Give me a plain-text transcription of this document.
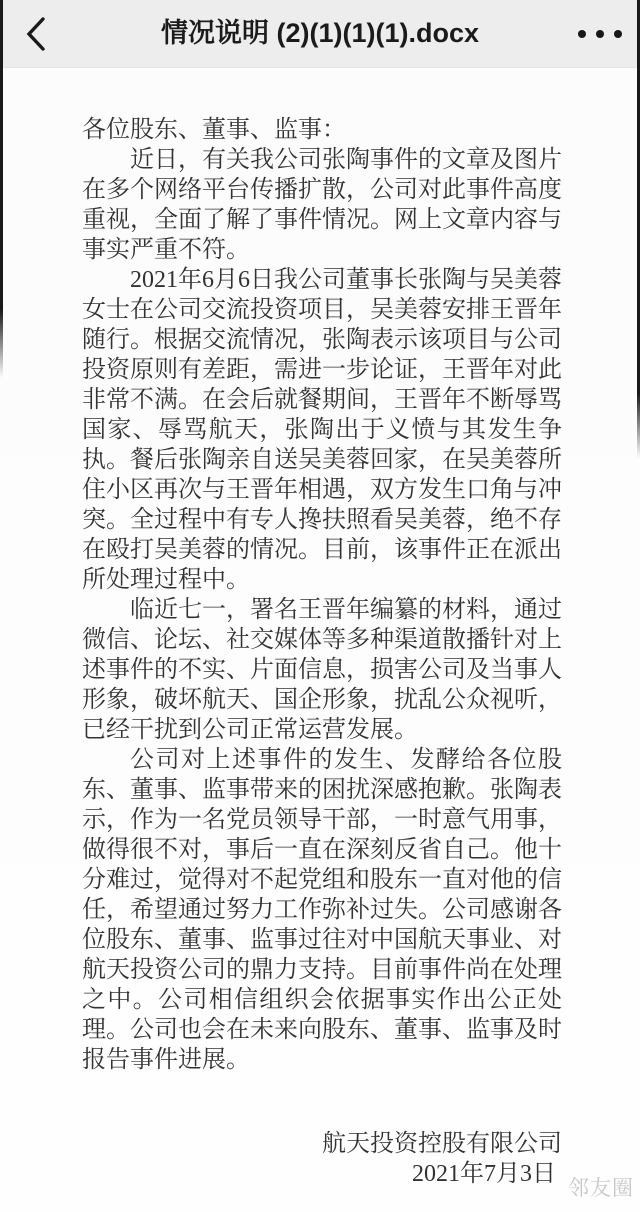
情况说明 (2)(1)(1)(1).docx

各位股东、董事、监事：

近日，有关我公司张陶事件的文章及图片在多个网络平台传播扩散，公司对此事件高度重视，全面了解了事件情况。网上文章内容与事实严重不符。

2021年6月6日我公司董事长张陶与吴美蓉女士在公司交流投资项目，吴美蓉安排王晋年随行。根据交流情况，张陶表示该项目与公司投资原则有差距，需进一步论证，王晋年对此非常不满。在会后就餐期间，王晋年不断辱骂国家、辱骂航天，张陶出于义愤与其发生争执。餐后张陶亲自送吴美蓉回家，在吴美蓉所住小区再次与王晋年相遇，双方发生口角与冲突。全过程中有专人搀扶照看吴美蓉，绝不存在殴打吴美蓉的情况。目前，该事件正在派出所处理过程中。

临近七一，署名王晋年编纂的材料，通过微信、论坛、社交媒体等多种渠道散播针对上述事件的不实、片面信息，损害公司及当事人形象，破坏航天、国企形象，扰乱公众视听，已经干扰到公司正常运营发展。

公司对上述事件的发生、发酵给各位股东、董事、监事带来的困扰深感抱歉。张陶表示，作为一名党员领导干部，一时意气用事，做得很不对，事后一直在深刻反省自己。他十分难过，觉得对不起党组和股东一直对他的信任，希望通过努力工作弥补过失。公司感谢各位股东、董事、监事过往对中国航天事业、对航天投资公司的鼎力支持。目前事件尚在处理之中。公司相信组织会依据事实作出公正处理。公司也会在未来向股东、董事、监事及时报告事件进展。

航天投资控股有限公司
2021年7月3日
邻友圈
